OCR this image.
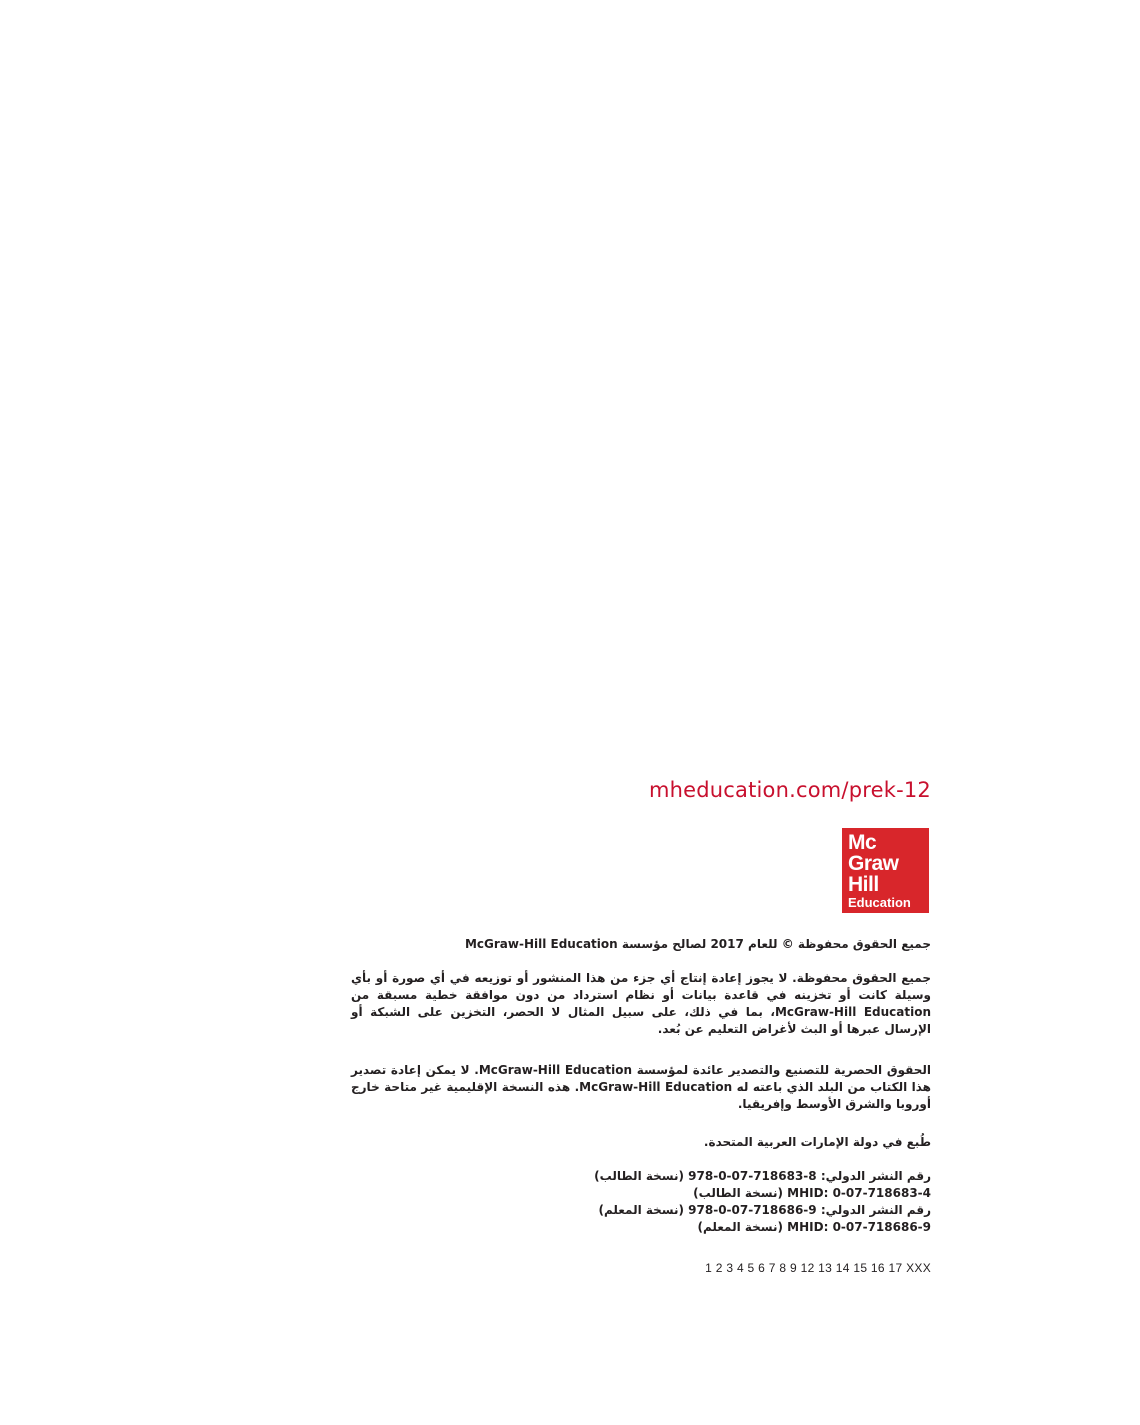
mheducation.com/prek-12
Mc
Graw
Hill
Education
جميع الحقوق محفوظة © للعام 2017 لصالح مؤسسة McGraw-Hill Education
جميع الحقوق محفوظة. لا يجوز إعادة إنتاج أي جزء من هذا المنشور أو توزيعه في أي صورة أو بأي وسيلة كانت أو تخزينه في قاعدة بيانات أو نظام استرداد من دون موافقة خطية مسبقة من McGraw-Hill Education، بما في ذلك، على سبيل المثال لا الحصر، التخزين على الشبكة أو الإرسال عبرها أو البث لأغراض التعليم عن بُعد.
الحقوق الحصرية للتصنيع والتصدير عائدة لمؤسسة McGraw-Hill Education. لا يمكن إعادة تصدير هذا الكتاب من البلد الذي باعته له McGraw-Hill Education. هذه النسخة الإقليمية غير متاحة خارج أوروبا والشرق الأوسط وإفريقيا.
طُبع في دولة الإمارات العربية المتحدة.
رقم النشر الدولي: 978-0-07-718683-8 (نسخة الطالب)
MHID: 0-07-718683-4 (نسخة الطالب)
رقم النشر الدولي: 978-0-07-718686-9 (نسخة المعلم)
MHID: 0-07-718686-9 (نسخة المعلم)
1 2 3 4 5 6 7 8 9 12 13 14 15 16 17 XXX
